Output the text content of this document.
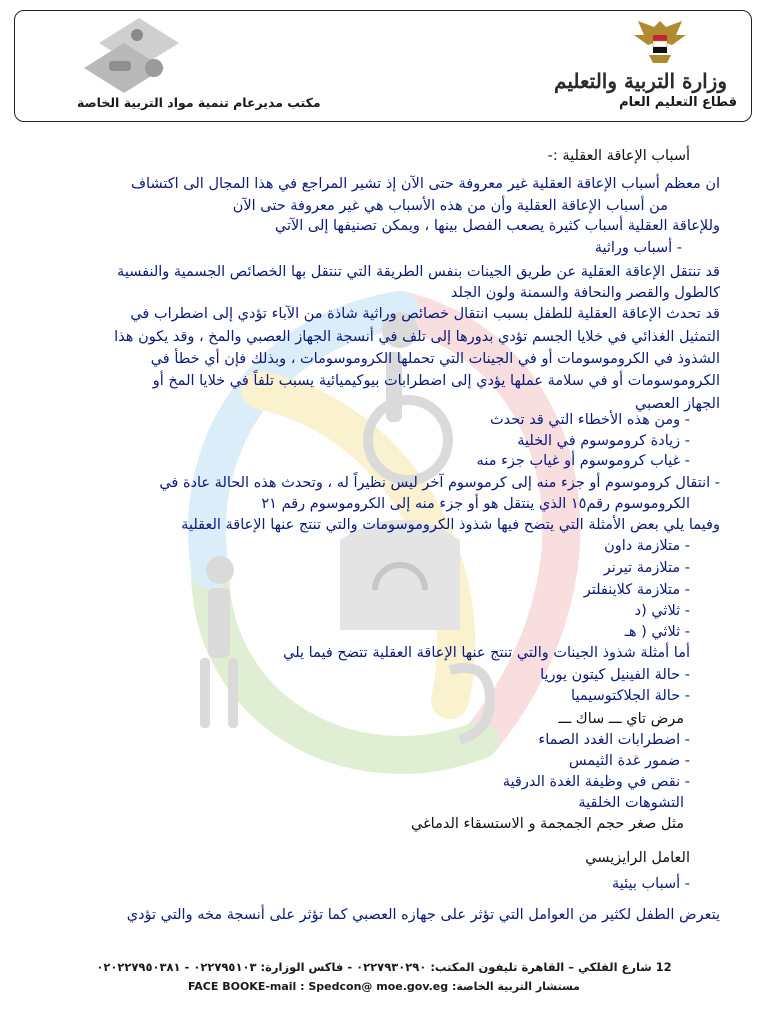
وزارة التربية والتعليم
قطاع التعليم العام
مكتب مديرعام تنمية مواد التربية الخاصة
أسباب الإعاقة العقلية :-
ان معظم أسباب الإعاقة العقلية غير معروفة حتى الآن إذ تشير المراجع في هذا المجال الى اكتشاف
من أسباب الإعاقة العقلية وأن من هذه الأسباب هي غير معروفة حتى الآن
وللإعاقة العقلية أسباب كثيرة يصعب الفصل بينها ، ويمكن تصنيفها إلى الآتي
- أسباب وراثية
قد تنتقل الإعاقة العقلية عن طريق الجينات بنفس الطريقة التي تنتقل بها الخصائص الجسمية والنفسية
كالطول والقصر والنحافة والسمنة ولون الجلد
قد تحدث الإعاقة العقلية للطفل بسبب انتقال خصائص وراثية شاذة من الآباء تؤدي إلى اضطراب في
التمثيل الغذائي في خلايا الجسم تؤدي بدورها إلى تلف في أنسجة الجهاز العصبي والمخ ، وقد يكون هذا
الشذوذ في الكروموسومات أو في الجينات التي تحملها الكروموسومات ، وبذلك فإن أي خطأ في
الكروموسومات أو في سلامة عملها يؤدي إلى اضطرابات بيوكيميائية يسبب تلفاً في خلايا المخ أو
الجهاز العصبي
- ومن هذه الأخطاء التي قد تحدث
- زيادة كروموسوم في الخلية
- غياب كروموسوم أو غياب جزء منه
- انتقال كروموسوم أو جزء منه إلى كرموسوم آخر ليس نظيراً له ، وتحدث هذه الحالة عادة في
الكروموسوم رقم١٥ الذي ينتقل هو أو جزء منه إلى الكروموسوم رقم ٢١
وفيما يلي بعض الأمثلة التي يتضح فيها شذوذ الكروموسومات والتي تنتج عنها الإعاقة العقلية
- متلازمة داون
- متلازمة تيرنر
- متلازمة كلاينفلتر
- ثلاثي (د
- ثلاثي ( هـ
أما أمثلة شذوذ الجينات والتي تنتج عنها الإعاقة العقلية تتضح فيما يلي
- حالة الفينيل كيتون يوريا
- حالة الجلاكتوسيميا
مرض تاي ـــ ساك ـــ
- اضطرابات الغدد الصماء
- ضمور غدة الثيمس
- نقص في وظيفة الغدة الدرقية
التشوهات الخلقية
مثل صغر حجم الجمجمة و الاستسقاء الدماغي
العامل الرايزيسي
- أسباب بيئية
يتعرض الطفل لكثير من العوامل التي تؤثر على جهازه العصبي كما تؤثر على أنسجة مخه والتي تؤدي
12 شارع الفلكي – القاهرة تليفون المكتب: ٠٢٢٧٩٣٠٢٩٠ - فاكس الوزارة: ٠٢٢٧٩٥١٠٣ - ٠٢٠٢٢٧٩٥٠٣٨١
مستشار التربية الخاصة: FACE BOOKE-mail : Spedcon@ moe.gov.eg
